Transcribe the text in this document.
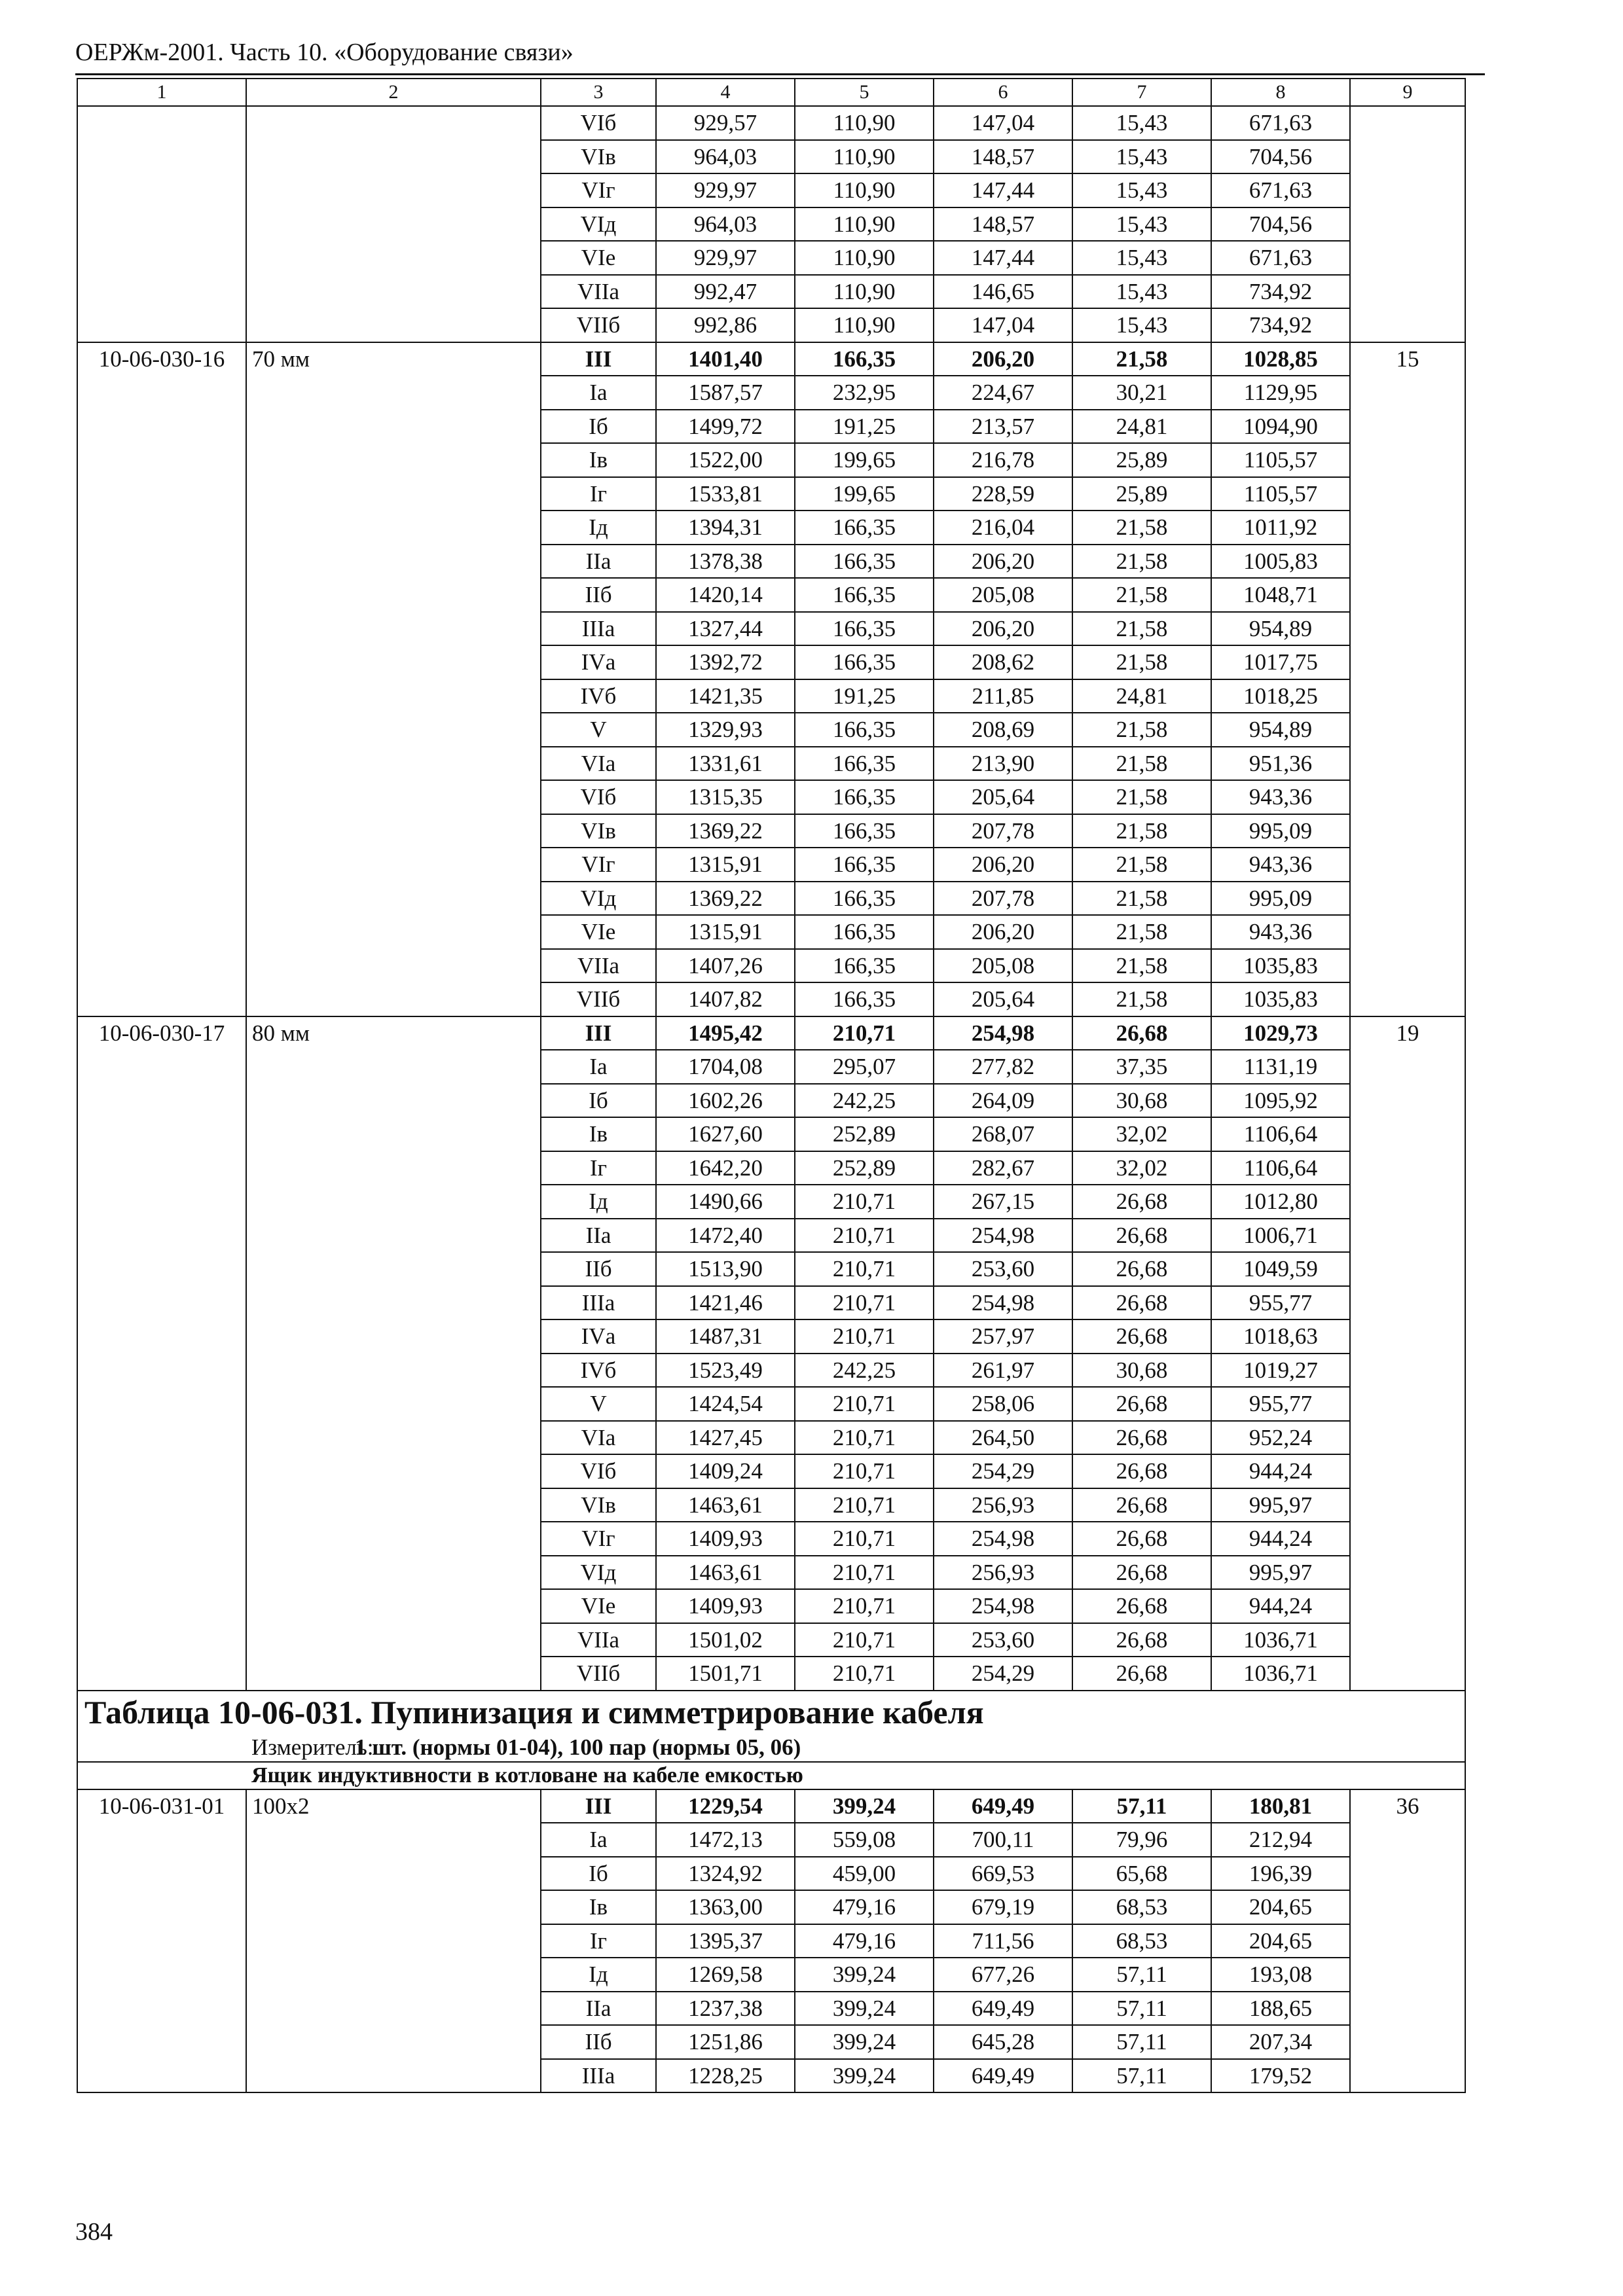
ОЕРЖм-2001. Часть 10. «Оборудование связи»
1	2	3	4	5	6	7	8	9
		VIб	929,57	110,90	147,04	15,43	671,63	
		VIв	964,03	110,90	148,57	15,43	704,56	
		VIг	929,97	110,90	147,44	15,43	671,63	
		VIд	964,03	110,90	148,57	15,43	704,56	
		VIе	929,97	110,90	147,44	15,43	671,63	
		VIIа	992,47	110,90	146,65	15,43	734,92	
		VIIб	992,86	110,90	147,04	15,43	734,92	
10-06-030-16	70 мм	III	1401,40	166,35	206,20	21,58	1028,85	15
		Iа	1587,57	232,95	224,67	30,21	1129,95	
		Iб	1499,72	191,25	213,57	24,81	1094,90	
		Iв	1522,00	199,65	216,78	25,89	1105,57	
		Iг	1533,81	199,65	228,59	25,89	1105,57	
		Iд	1394,31	166,35	216,04	21,58	1011,92	
		IIа	1378,38	166,35	206,20	21,58	1005,83	
		IIб	1420,14	166,35	205,08	21,58	1048,71	
		IIIа	1327,44	166,35	206,20	21,58	954,89	
		IVа	1392,72	166,35	208,62	21,58	1017,75	
		IVб	1421,35	191,25	211,85	24,81	1018,25	
		V	1329,93	166,35	208,69	21,58	954,89	
		VIа	1331,61	166,35	213,90	21,58	951,36	
		VIб	1315,35	166,35	205,64	21,58	943,36	
		VIв	1369,22	166,35	207,78	21,58	995,09	
		VIг	1315,91	166,35	206,20	21,58	943,36	
		VIд	1369,22	166,35	207,78	21,58	995,09	
		VIе	1315,91	166,35	206,20	21,58	943,36	
		VIIа	1407,26	166,35	205,08	21,58	1035,83	
		VIIб	1407,82	166,35	205,64	21,58	1035,83	
10-06-030-17	80 мм	III	1495,42	210,71	254,98	26,68	1029,73	19
		Iа	1704,08	295,07	277,82	37,35	1131,19	
		Iб	1602,26	242,25	264,09	30,68	1095,92	
		Iв	1627,60	252,89	268,07	32,02	1106,64	
		Iг	1642,20	252,89	282,67	32,02	1106,64	
		Iд	1490,66	210,71	267,15	26,68	1012,80	
		IIа	1472,40	210,71	254,98	26,68	1006,71	
		IIб	1513,90	210,71	253,60	26,68	1049,59	
		IIIа	1421,46	210,71	254,98	26,68	955,77	
		IVа	1487,31	210,71	257,97	26,68	1018,63	
		IVб	1523,49	242,25	261,97	30,68	1019,27	
		V	1424,54	210,71	258,06	26,68	955,77	
		VIа	1427,45	210,71	264,50	26,68	952,24	
		VIб	1409,24	210,71	254,29	26,68	944,24	
		VIв	1463,61	210,71	256,93	26,68	995,97	
		VIг	1409,93	210,71	254,98	26,68	944,24	
		VIд	1463,61	210,71	256,93	26,68	995,97	
		VIе	1409,93	210,71	254,98	26,68	944,24	
		VIIа	1501,02	210,71	253,60	26,68	1036,71	
		VIIб	1501,71	210,71	254,29	26,68	1036,71	
Таблица 10-06-031. Пупинизация и симметрирование кабеля								
Измеритель:1 шт. (нормы 01-04), 100 пар (нормы 05, 06)								
Ящик индуктивности в котловане на кабеле емкостью								
10-06-031-01	100х2	III	1229,54	399,24	649,49	57,11	180,81	36
		Iа	1472,13	559,08	700,11	79,96	212,94	
		Iб	1324,92	459,00	669,53	65,68	196,39	
		Iв	1363,00	479,16	679,19	68,53	204,65	
		Iг	1395,37	479,16	711,56	68,53	204,65	
		Iд	1269,58	399,24	677,26	57,11	193,08	
		IIа	1237,38	399,24	649,49	57,11	188,65	
		IIб	1251,86	399,24	645,28	57,11	207,34	
		IIIа	1228,25	399,24	649,49	57,11	179,52	
384
